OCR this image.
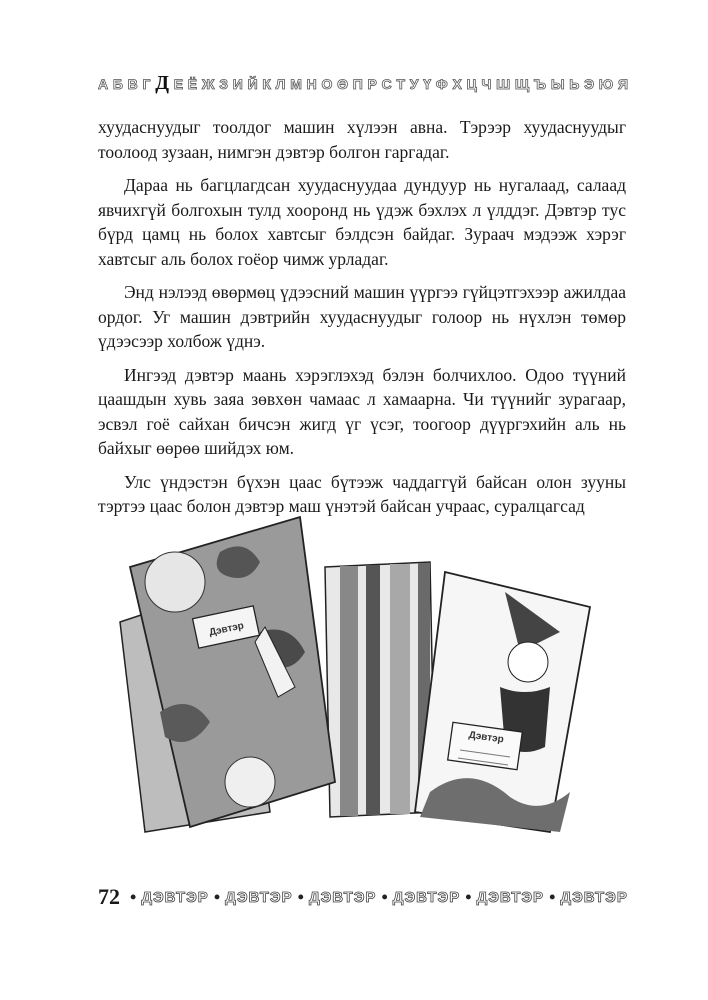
А Б В Г Д Е Ё Ж З И Й К Л М Н О Ө П Р С Т У Ү Ф Х Ц Ч Ш Щ Ъ Ы Ь Э Ю Я

хуудаснуудыг тоолдог машин хүлээн авна. Тэрээр хуудаснуудыг тоолоод зузаан, нимгэн дэвтэр болгон гаргадаг.

Дараа нь багцлагдсан хуудаснуудаа дундуур нь нугалаад, салаад явчихгүй болгохын тулд хооронд нь үдэж бэхлэх л үлддэг. Дэвтэр тус бүрд цамц нь болох хавтсыг бэлдсэн байдаг. Зураач мэдээж хэрэг хавтсыг аль болох гоёор чимж урладаг.

Энд нэлээд өвөрмөц үдээсний машин үүргээ гүйцэтгэхээр ажилдаа ордог. Уг машин дэвтрийн хуудаснуудыг голоор нь нүхлэн төмөр үдээсээр холбож үднэ.

Ингээд дэвтэр маань хэрэглэхэд бэлэн болчихлоо. Одоо түүний цаашдын хувь заяа зөвхөн чамаас л хамаарна. Чи түүнийг зурагаар, эсвэл гоё сайхан бичсэн жигд үг үсэг, тоогоор дүүргэхийн аль нь байхыг өөрөө шийдэх юм.

Улс үндэстэн бүхэн цаас бүтээж чаддаггүй байсан олон зууны тэртээ цаас болон дэвтэр маш үнэтэй байсан учраас, суралцагсад

Дэвтэр
Дэвтэр
72 • ДЭВТЭР • ДЭВТЭР • ДЭВТЭР • ДЭВТЭР • ДЭВТЭР • ДЭВТЭР
